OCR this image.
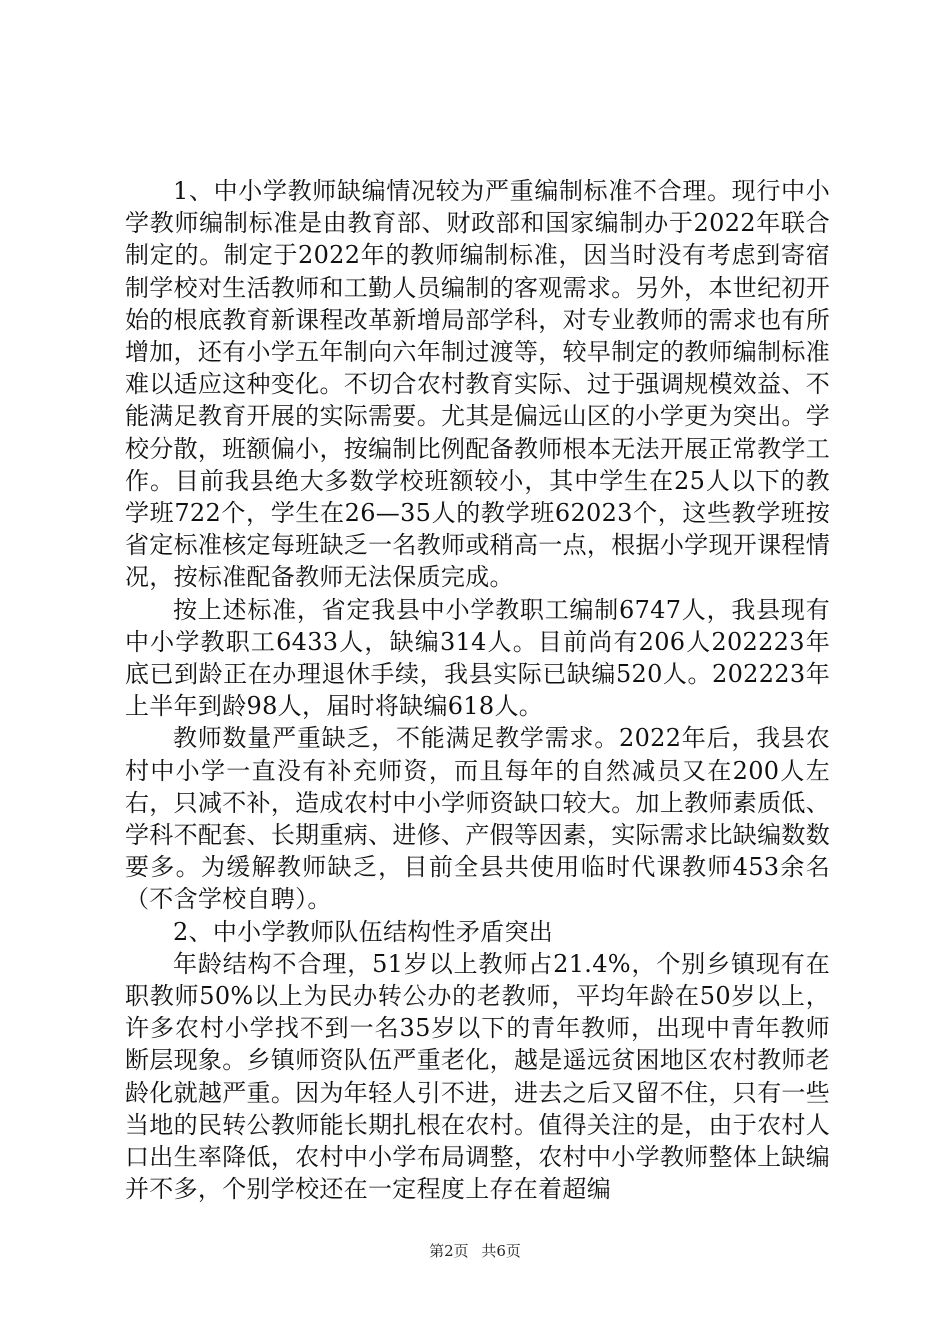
1、中小学教师缺编情况较为严重编制标准不合理。现行中小学教师编制标准是由教育部、财政部和国家编制办于2022年联合制定的。制定于2022年的教师编制标准，因当时没有考虑到寄宿制学校对生活教师和工勤人员编制的客观需求。另外，本世纪初开始的根底教育新课程改革新增局部学科，对专业教师的需求也有所增加，还有小学五年制向六年制过渡等，较早制定的教师编制标准难以适应这种变化。不切合农村教育实际、过于强调规模效益、不能满足教育开展的实际需要。尤其是偏远山区的小学更为突出。学校分散，班额偏小，按编制比例配备教师根本无法开展正常教学工作。目前我县绝大多数学校班额较小，其中学生在25人以下的教学班722个，学生在26—35人的教学班62023个，这些教学班按省定标准核定每班缺乏一名教师或稍高一点，根据小学现开课程情况，按标准配备教师无法保质完成。

按上述标准，省定我县中小学教职工编制6747人，我县现有中小学教职工6433人，缺编314人。目前尚有206人202223年底已到龄正在办理退休手续，我县实际已缺编520人。202223年上半年到龄98人，届时将缺编618人。

教师数量严重缺乏，不能满足教学需求。2022年后，我县农村中小学一直没有补充师资，而且每年的自然减员又在200人左右，只减不补，造成农村中小学师资缺口较大。加上教师素质低、学科不配套、长期重病、进修、产假等因素，实际需求比缺编数数要多。为缓解教师缺乏，目前全县共使用临时代课教师453余名（不含学校自聘）。

2、中小学教师队伍结构性矛盾突出

年龄结构不合理，51岁以上教师占21.4%，个别乡镇现有在职教师50%以上为民办转公办的老教师，平均年龄在50岁以上，许多农村小学找不到一名35岁以下的青年教师，出现中青年教师断层现象。乡镇师资队伍严重老化，越是遥远贫困地区农村教师老龄化就越严重。因为年轻人引不进，进去之后又留不住，只有一些当地的民转公教师能长期扎根在农村。值得关注的是，由于农村人口出生率降低，农村中小学布局调整，农村中小学教师整体上缺编并不多，个别学校还在一定程度上存在着超编

第2页 共6页
